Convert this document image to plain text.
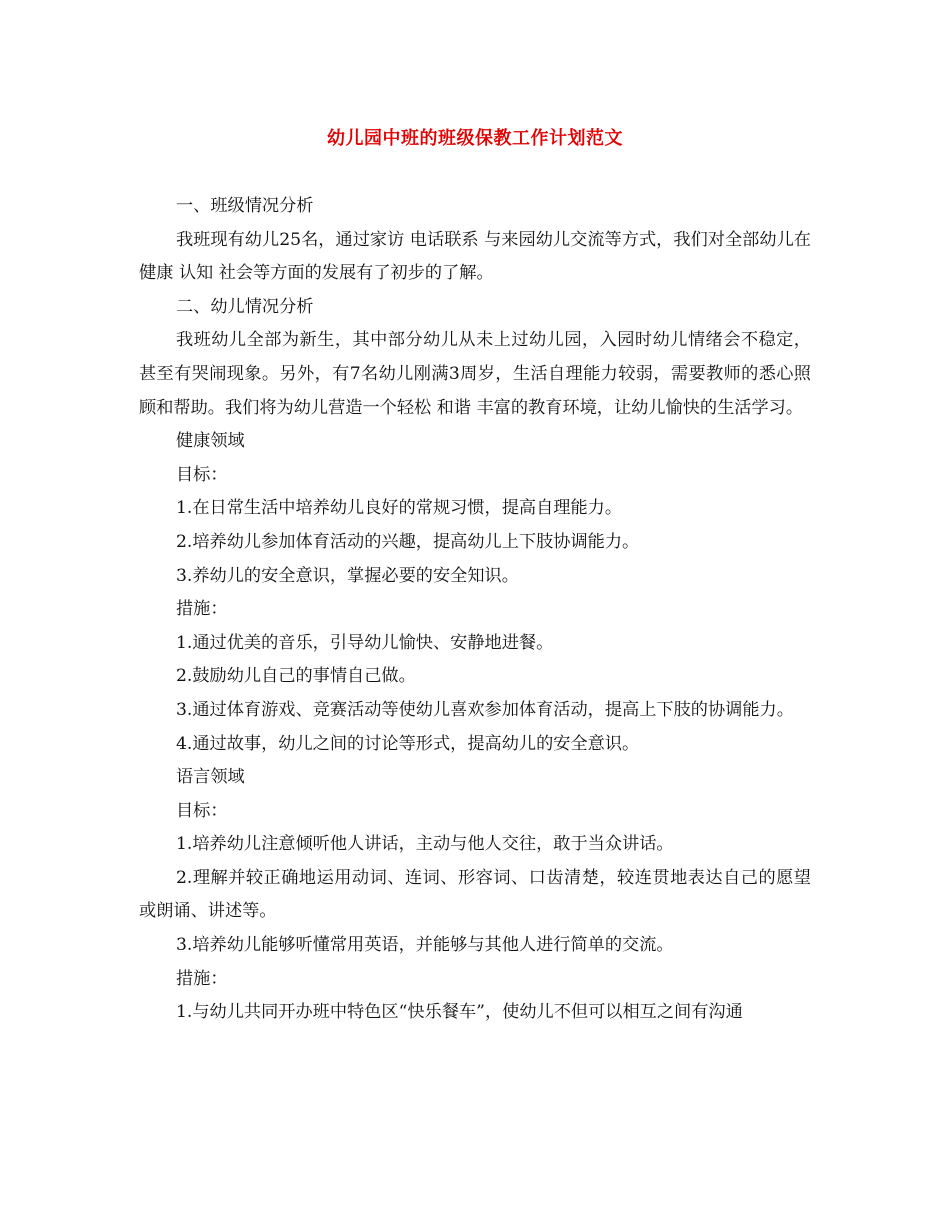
幼儿园中班的班级保教工作计划范文

一、班级情况分析

我班现有幼儿25名，通过家访 电话联系 与来园幼儿交流等方式，我们对全部幼儿在健康 认知 社会等方面的发展有了初步的了解。

二、幼儿情况分析

我班幼儿全部为新生，其中部分幼儿从未上过幼儿园，入园时幼儿情绪会不稳定，甚至有哭闹现象。另外，有7名幼儿刚满3周岁，生活自理能力较弱，需要教师的悉心照顾和帮助。我们将为幼儿营造一个轻松 和谐 丰富的教育环境，让幼儿愉快的生活学习。

健康领域

目标：

1.在日常生活中培养幼儿良好的常规习惯，提高自理能力。

2.培养幼儿参加体育活动的兴趣，提高幼儿上下肢协调能力。

3.养幼儿的安全意识，掌握必要的安全知识。

措施：

1.通过优美的音乐，引导幼儿愉快、安静地进餐。

2.鼓励幼儿自己的事情自己做。

3.通过体育游戏、竞赛活动等使幼儿喜欢参加体育活动，提高上下肢的协调能力。

4.通过故事，幼儿之间的讨论等形式，提高幼儿的安全意识。

语言领域

目标：

1.培养幼儿注意倾听他人讲话，主动与他人交往，敢于当众讲话。

2.理解并较正确地运用动词、连词、形容词、口齿清楚，较连贯地表达自己的愿望或朗诵、讲述等。

3.培养幼儿能够听懂常用英语，并能够与其他人进行简单的交流。

措施：

1.与幼儿共同开办班中特色区“快乐餐车”，使幼儿不但可以相互之间有沟通
